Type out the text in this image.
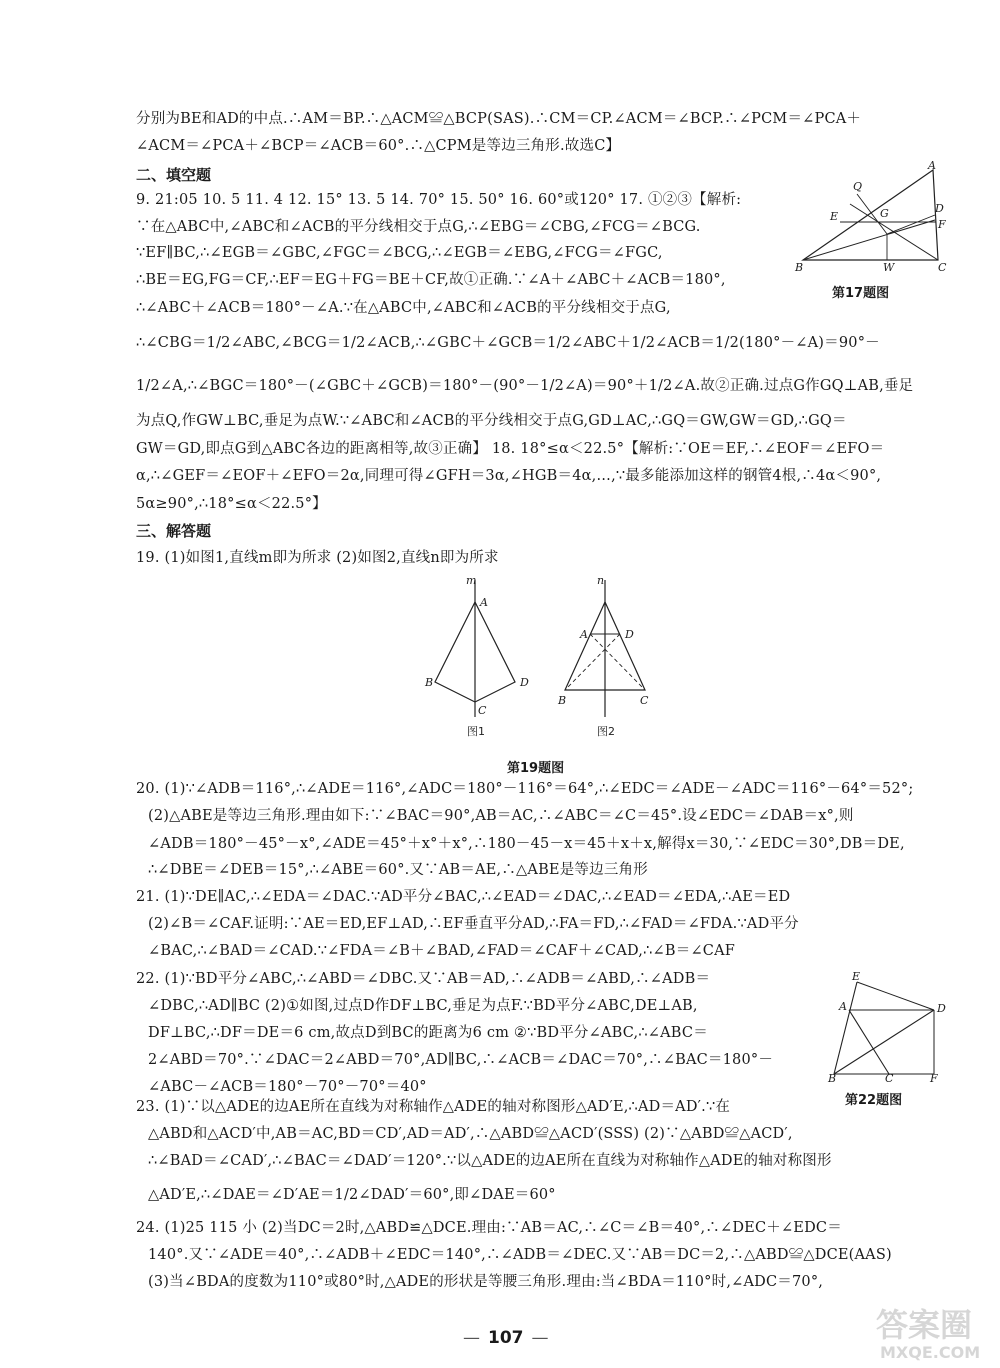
分别为BE和AD的中点.∴AM＝BP.∴△ACM≌△BCP(SAS).∴CM＝CP.∠ACM＝∠BCP.∴∠PCM＝∠PCA＋
∠ACM＝∠PCA＋∠BCP＝∠ACB＝60°.∴△CPM是等边三角形.故选C】
二、填空题
9. 21:05 10. 5 11. 4 12. 15° 13. 5 14. 70° 15. 50° 16. 60°或120° 17. ①②③【解析:
∵在△ABC中,∠ABC和∠ACB的平分线相交于点G,∴∠EBG＝∠CBG,∠FCG＝∠BCG.
∵EF∥BC,∴∠EGB＝∠GBC,∠FGC＝∠BCG,∴∠EGB＝∠EBG,∠FCG＝∠FGC,
∴BE＝EG,FG＝CF,∴EF＝EG＋FG＝BE＋CF,故①正确.∵∠A＋∠ABC＋∠ACB＝180°,
∴∠ABC＋∠ACB＝180°－∠A.∵在△ABC中,∠ABC和∠ACB的平分线相交于点G,
A
Q
E	G	D
F
B	W	C
第17题图
∴∠CBG＝1/2∠ABC,∠BCG＝1/2∠ACB,∴∠GBC＋∠GCB＝1/2∠ABC＋1/2∠ACB＝1/2(180°－∠A)＝90°－
1/2∠A,∴∠BGC＝180°－(∠GBC＋∠GCB)＝180°－(90°－1/2∠A)＝90°＋1/2∠A.故②正确.过点G作GQ⊥AB,垂足
为点Q,作GW⊥BC,垂足为点W.∵∠ABC和∠ACB的平分线相交于点G,GD⊥AC,∴GQ＝GW,GW＝GD,∴GQ＝
GW＝GD,即点G到△ABC各边的距离相等,故③正确】 18. 18°≤α＜22.5°【解析:∵OE＝EF,∴∠EOF＝∠EFO＝
α,∴∠GEF＝∠EOF＋∠EFO＝2α,同理可得∠GFH＝3α,∠HGB＝4α,…,∵最多能添加这样的钢管4根,∴4α＜90°,
5α≥90°,∴18°≤α＜22.5°】
三、解答题
19. (1)如图1,直线m即为所求 (2)如图2,直线n即为所求
m
A
B
C
D
图1
n
A	D
B	C
图2
第19题图
20. (1)∵∠ADB＝116°,∴∠ADE＝116°,∠ADC＝180°－116°＝64°,∴∠EDC＝∠ADE－∠ADC＝116°－64°＝52°;
(2)△ABE是等边三角形.理由如下:∵∠BAC＝90°,AB＝AC,∴∠ABC＝∠C＝45°.设∠EDC＝∠DAB＝x°,则
∠ADB＝180°－45°－x°,∠ADE＝45°＋x°＋x°,∴180－45－x＝45＋x＋x,解得x＝30,∵∠EDC＝30°,DB＝DE,
∴∠DBE＝∠DEB＝15°,∴∠ABE＝60°.又∵AB＝AE,∴△ABE是等边三角形
21. (1)∵DE∥AC,∴∠EDA＝∠DAC.∵AD平分∠BAC,∴∠EAD＝∠DAC,∴∠EAD＝∠EDA,∴AE＝ED
(2)∠B＝∠CAF.证明:∵AE＝ED,EF⊥AD,∴EF垂直平分AD,∴FA＝FD,∴∠FAD＝∠FDA.∵AD平分
∠BAC,∴∠BAD＝∠CAD.∵∠FDA＝∠B＋∠BAD,∠FAD＝∠CAF＋∠CAD,∴∠B＝∠CAF
22. (1)∵BD平分∠ABC,∴∠ABD＝∠DBC.又∵AB＝AD,∴∠ADB＝∠ABD,∴∠ADB＝
∠DBC,∴AD∥BC (2)①如图,过点D作DF⊥BC,垂足为点F.∵BD平分∠ABC,DE⊥AB,
DF⊥BC,∴DF＝DE＝6 cm,故点D到BC的距离为6 cm ②∵BD平分∠ABC,∴∠ABC＝
2∠ABD＝70°.∵∠DAC＝2∠ABD＝70°,AD∥BC,∴∠ACB＝∠DAC＝70°,∴∠BAC＝180°－
∠ABC－∠ACB＝180°－70°－70°＝40°
E
A	D
B	C	F
第22题图
23. (1)∵以△ADE的边AE所在直线为对称轴作△ADE的轴对称图形△AD′E,∴AD＝AD′.∵在
△ABD和△ACD′中,AB＝AC,BD＝CD′,AD＝AD′,∴△ABD≌△ACD′(SSS) (2)∵△ABD≌△ACD′,
∴∠BAD＝∠CAD′,∴∠BAC＝∠DAD′＝120°.∵以△ADE的边AE所在直线为对称轴作△ADE的轴对称图形
△AD′E,∴∠DAE＝∠D′AE＝1/2∠DAD′＝60°,即∠DAE＝60°
24. (1)25 115 小 (2)当DC＝2时,△ABD≌△DCE.理由:∵AB＝AC,∴∠C＝∠B＝40°,∴∠DEC＋∠EDC＝
140°.又∵∠ADE＝40°,∴∠ADB＋∠EDC＝140°,∴∠ADB＝∠DEC.又∵AB＝DC＝2,∴△ABD≌△DCE(AAS)
(3)当∠BDA的度数为110°或80°时,△ADE的形状是等腰三角形.理由:当∠BDA＝110°时,∠ADC＝70°,
— 107 —	答案圈
MXQE.COM
